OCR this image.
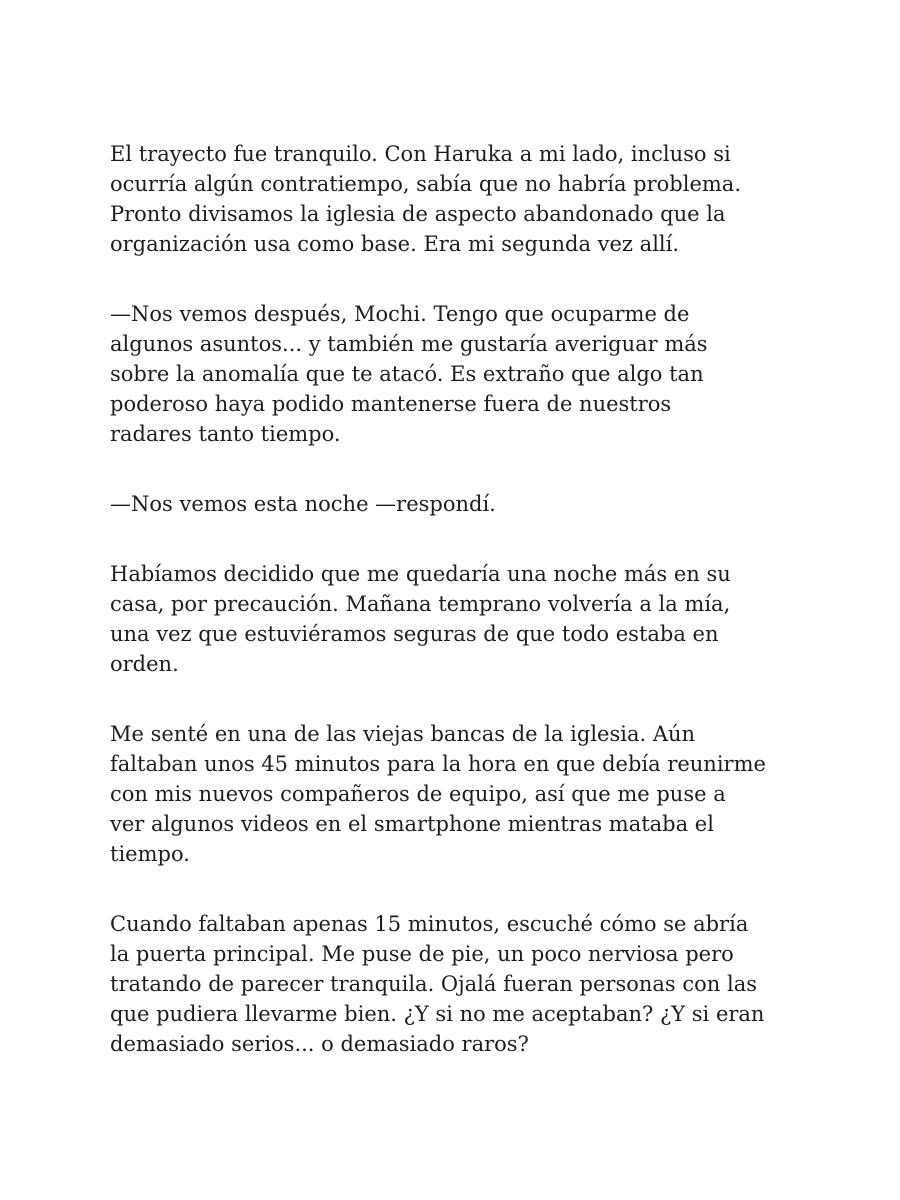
El trayecto fue tranquilo. Con Haruka a mi lado, incluso si
ocurría algún contratiempo, sabía que no habría problema.
Pronto divisamos la iglesia de aspecto abandonado que la
organización usa como base. Era mi segunda vez allí.

—Nos vemos después, Mochi. Tengo que ocuparme de
algunos asuntos... y también me gustaría averiguar más
sobre la anomalía que te atacó. Es extraño que algo tan
poderoso haya podido mantenerse fuera de nuestros
radares tanto tiempo.

—Nos vemos esta noche —respondí.

Habíamos decidido que me quedaría una noche más en su
casa, por precaución. Mañana temprano volvería a la mía,
una vez que estuviéramos seguras de que todo estaba en
orden.

Me senté en una de las viejas bancas de la iglesia. Aún
faltaban unos 45 minutos para la hora en que debía reunirme
con mis nuevos compañeros de equipo, así que me puse a
ver algunos videos en el smartphone mientras mataba el
tiempo.

Cuando faltaban apenas 15 minutos, escuché cómo se abría
la puerta principal. Me puse de pie, un poco nerviosa pero
tratando de parecer tranquila. Ojalá fueran personas con las
que pudiera llevarme bien. ¿Y si no me aceptaban? ¿Y si eran
demasiado serios... o demasiado raros?
